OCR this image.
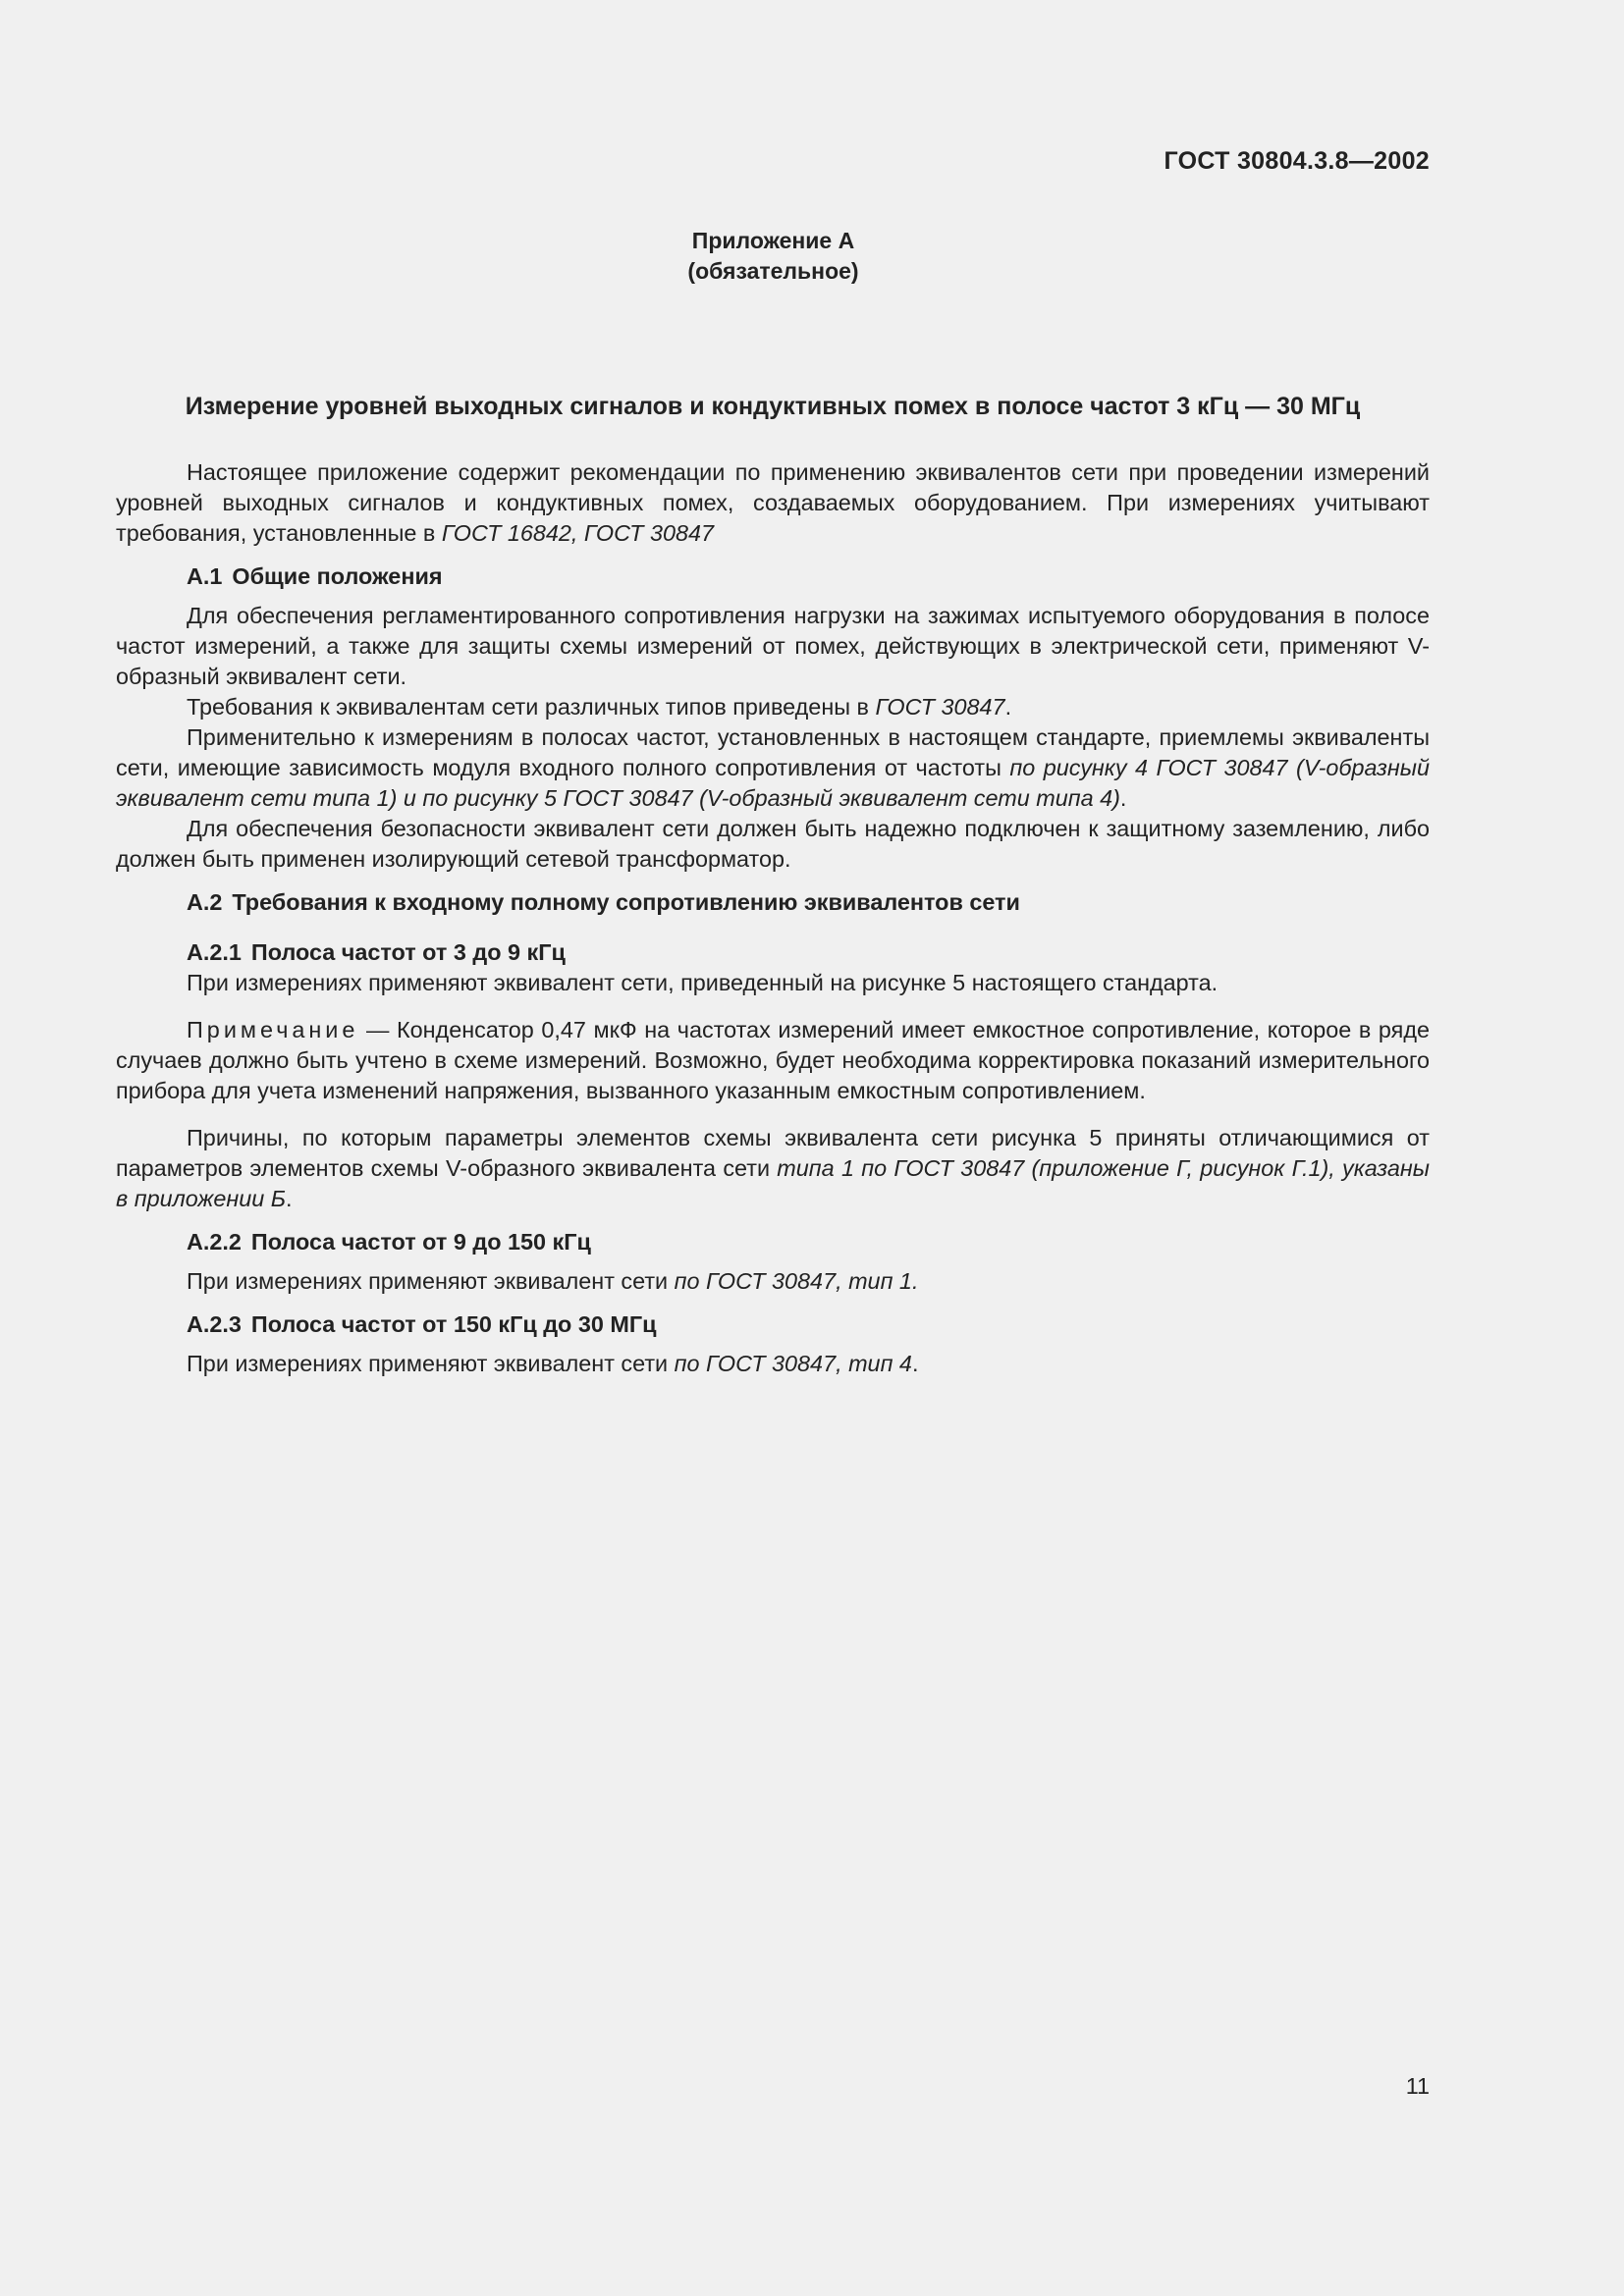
ГОСТ 30804.3.8—2002
Приложение А
(обязательное)
Измерение уровней выходных сигналов и кондуктивных помех в полосе частот 3 кГц — 30 МГц

Настоящее приложение содержит рекомендации по применению эквивалентов сети при проведении измерений уровней выходных сигналов и кондуктивных помех, создаваемых оборудованием. При измерениях учитывают требования, установленные в ГОСТ 16842, ГОСТ 30847

А.1 Общие положения

Для обеспечения регламентированного сопротивления нагрузки на зажимах испытуемого оборудования в полосе частот измерений, а также для защиты схемы измерений от помех, действующих в электрической сети, применяют V-образный эквивалент сети.

Требования к эквивалентам сети различных типов приведены в ГОСТ 30847.

Применительно к измерениям в полосах частот, установленных в настоящем стандарте, приемлемы эквиваленты сети, имеющие зависимость модуля входного полного сопротивления от частоты по рисунку 4 ГОСТ 30847 (V-образный эквивалент сети типа 1) и по рисунку 5 ГОСТ 30847 (V-образный эквивалент сети типа 4).

Для обеспечения безопасности эквивалент сети должен быть надежно подключен к защитному заземлению, либо должен быть применен изолирующий сетевой трансформатор.

А.2 Требования к входному полному сопротивлению эквивалентов сети

А.2.1 Полоса частот от 3 до 9 кГц

При измерениях применяют эквивалент сети, приведенный на рисунке 5 настоящего стандарта.

Примечание — Конденсатор 0,47 мкФ на частотах измерений имеет емкостное сопротивление, которое в ряде случаев должно быть учтено в схеме измерений. Возможно, будет необходима корректировка показаний измерительного прибора для учета изменений напряжения, вызванного указанным емкостным сопротивлением.

Причины, по которым параметры элементов схемы эквивалента сети рисунка 5 приняты отличающимися от параметров элементов схемы V-образного эквивалента сети типа 1 по ГОСТ 30847 (приложение Г, рисунок Г.1), указаны в приложении Б.

А.2.2 Полоса частот от 9 до 150 кГц

При измерениях применяют эквивалент сети по ГОСТ 30847, тип 1.

А.2.3 Полоса частот от 150 кГц до 30 МГц

При измерениях применяют эквивалент сети по ГОСТ 30847, тип 4.

11
